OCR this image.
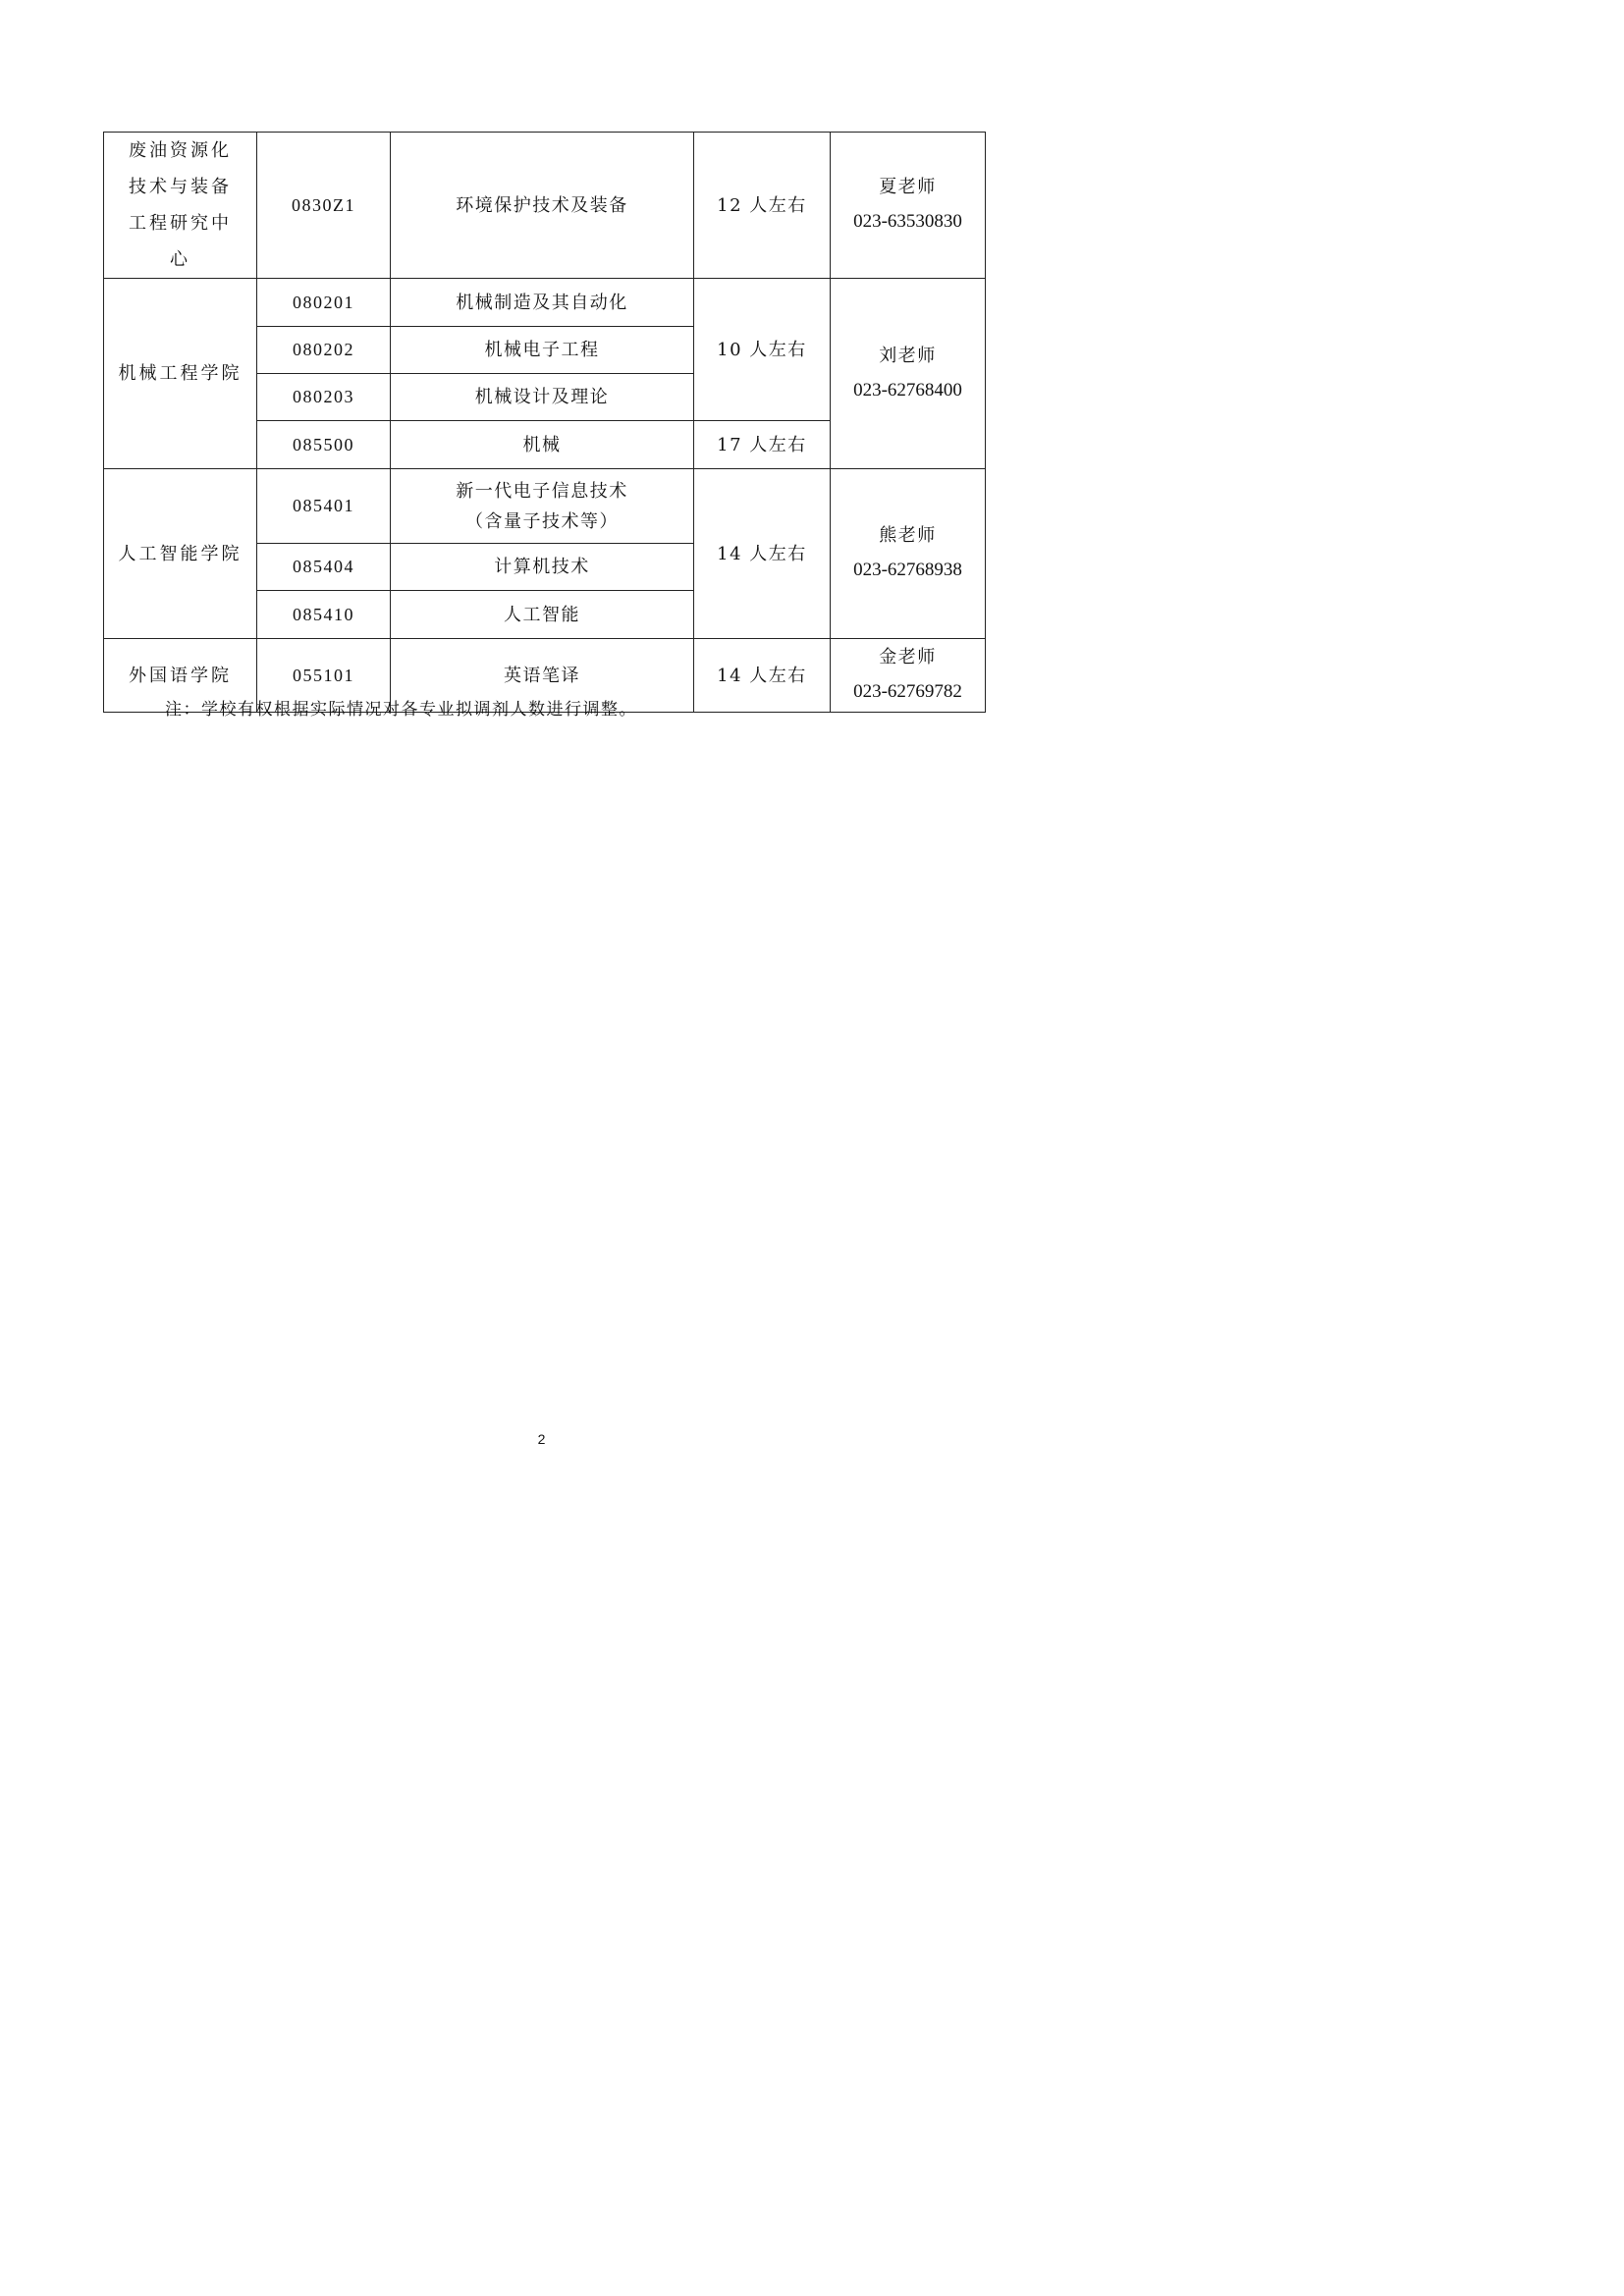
废油资源化技术与装备工程研究中心	0830Z1	环境保护技术及装备	12 人左右	夏老师
023-63530830

机械工程学院	080201	机械制造及其自动化	10 人左右	刘老师
023-62768400

	080202	机械电子工程		

	080203	机械设计及理论		

	085500	机械	17 人左右	
人工智能学院	085401	新一代电子信息技术
（含量子技术等）	14 人左右	熊老师
023-62768938

	085404	计算机技术		

	085410	人工智能		

外国语学院	055101	英语笔译	14 人左右	金老师
023-62769782
注：学校有权根据实际情况对各专业拟调剂人数进行调整。
2
